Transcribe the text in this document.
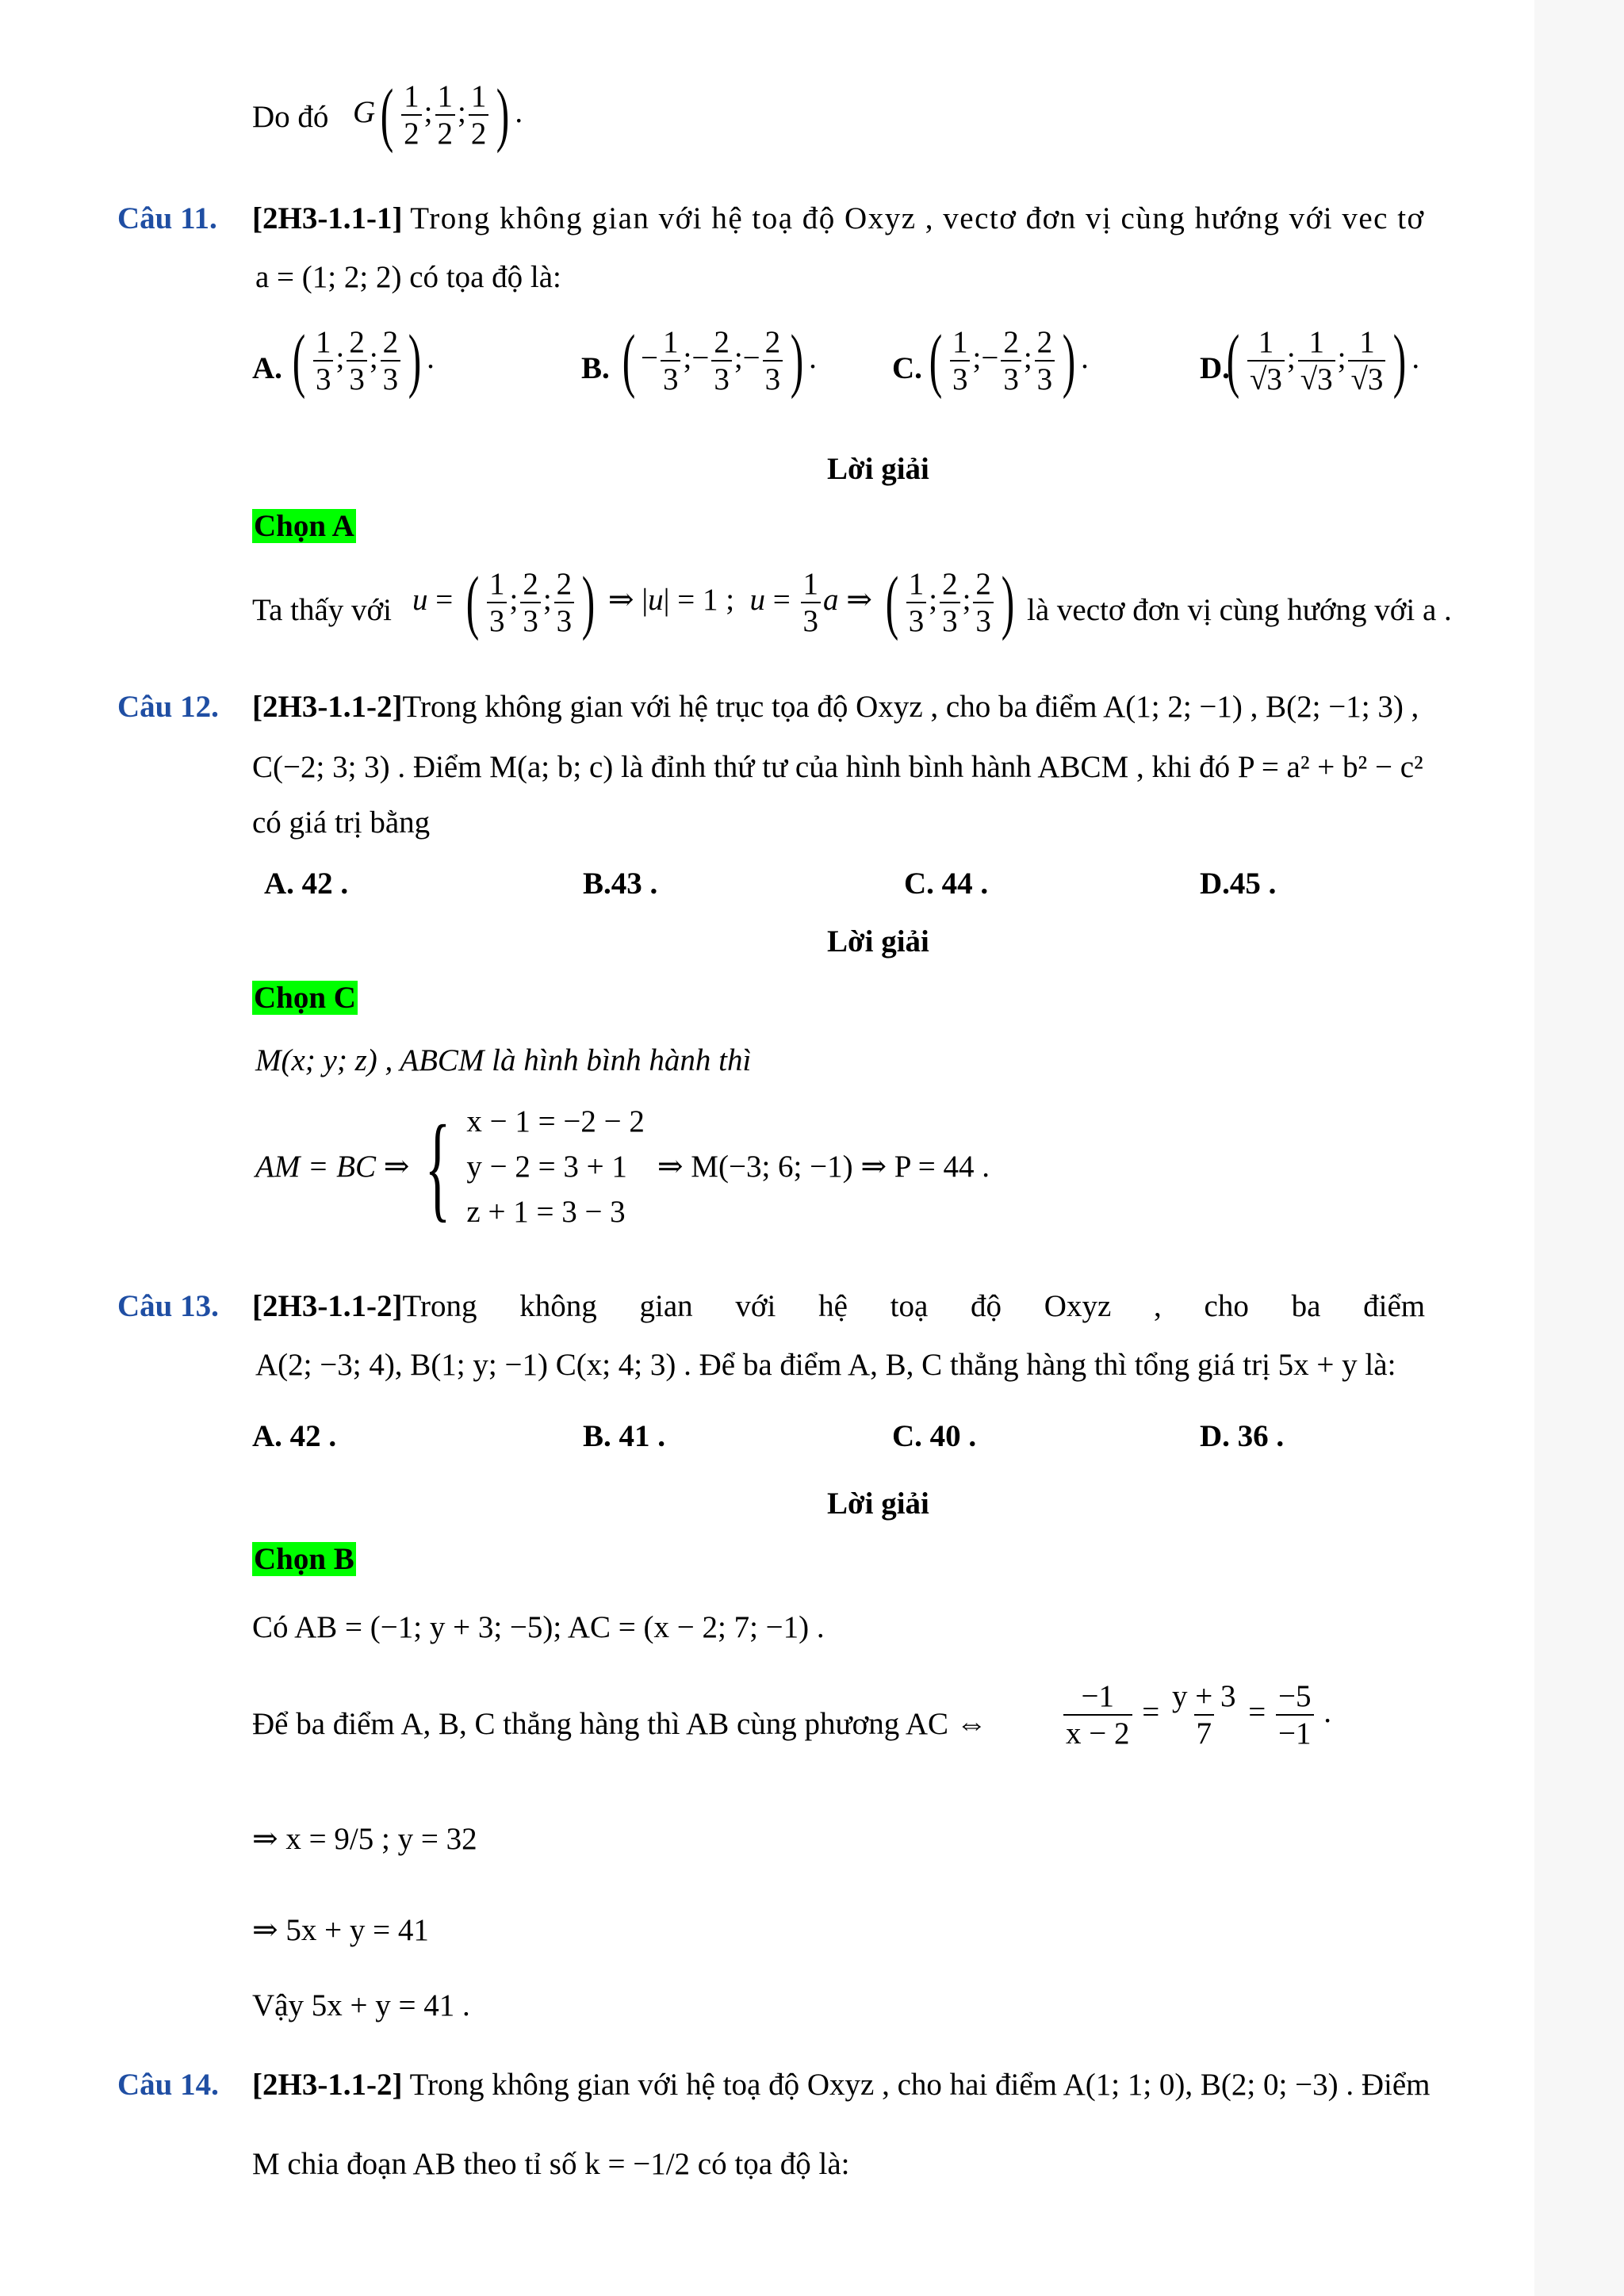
Do đó $G( \frac{1}{2}$ ; $\frac{1}{2}$ ; $\frac{1}{2}$ ) .
Câu 11. [2H3-1.1-1] Trong không gian với hệ toạ độ Oxyz , vectơ đơn vị cùng hướng với vec tơ
a = (1; 2; 2) có tọa độ là:
A. ( $\frac{1}{3}$ ; $\frac{2}{3}$ ; $\frac{2}{3}$ ) .	B. ( − $\frac{1}{3}$ ;− $\frac{2}{3}$ ;− $\frac{2}{3}$ ) . C. ( $\frac{1}{3}$ ;− $\frac{2}{3}$ ; $\frac{2}{3}$ ) .	D.
( $\frac{1}{√3}$ ; $\frac{1}{√3}$ ; $\frac{1}{√3}$ ) .
Lời giải
Chọn A
Ta thấy với u = ( $\frac{1}{3}$ ; $\frac{2}{3}$ ; $\frac{2}{3}$ ) ⇒ |u| = 1 ;  $u = \frac{1}{3}$ a ⇒ ( $\frac{1}{3}$ ; $\frac{2}{3}$ ; $\frac{2}{3}$ ) là vectơ đơn vị cùng hướng với a .
Câu 12. [2H3-1.1-2]Trong không gian với hệ trục tọa độ Oxyz , cho ba điểm A(1; 2; −1) , B(2; −1; 3) ,
C(−2; 3; 3) . Điểm M(a; b; c) là đỉnh thứ tư của hình bình hành ABCM , khi đó P = a² + b² − c²
có giá trị bằng
A. 42 .	B.43 .	C. 44 .	D.45 .
Lời giải
Chọn C
M(x; y; z) , ABCM là hình bình hành thì
AM = BC ⇒ { x − 1 = −2 − 2
y − 2 = 3 + 1
z + 1 = 3 − 3
⇒ M(−3; 6; −1) ⇒ P = 44 .
Câu 13. [2H3-1.1-2]Trong không gian với hệ toạ độ Oxyz , cho ba điểm
A(2; −3; 4), B(1; y; −1) C(x; 4; 3) . Để ba điểm A, B, C thẳng hàng thì tổng giá trị 5x + y là:
A. 42 .	B. 41 .	C. 40 .	D. 36 .
Lời giải
Chọn B
Có AB = (−1; y + 3; −5); AC = (x − 2; 7; −1) .
Để ba điểm A, B, C thẳng hàng thì AB cùng phương AC ⇔ $\frac{-1}{x - 2} = \frac{y + 3}{7} = \frac{-5}{-1}$ .
⇒ x = 9/5 ; y = 32
⇒ 5x + y = 41
Vậy 5x + y = 41 .
Câu 14. [2H3-1.1-2] Trong không gian với hệ toạ độ Oxyz , cho hai điểm A(1; 1; 0), B(2; 0; −3) . Điểm
M chia đoạn AB theo tỉ số k = −1/2 có tọa độ là:
